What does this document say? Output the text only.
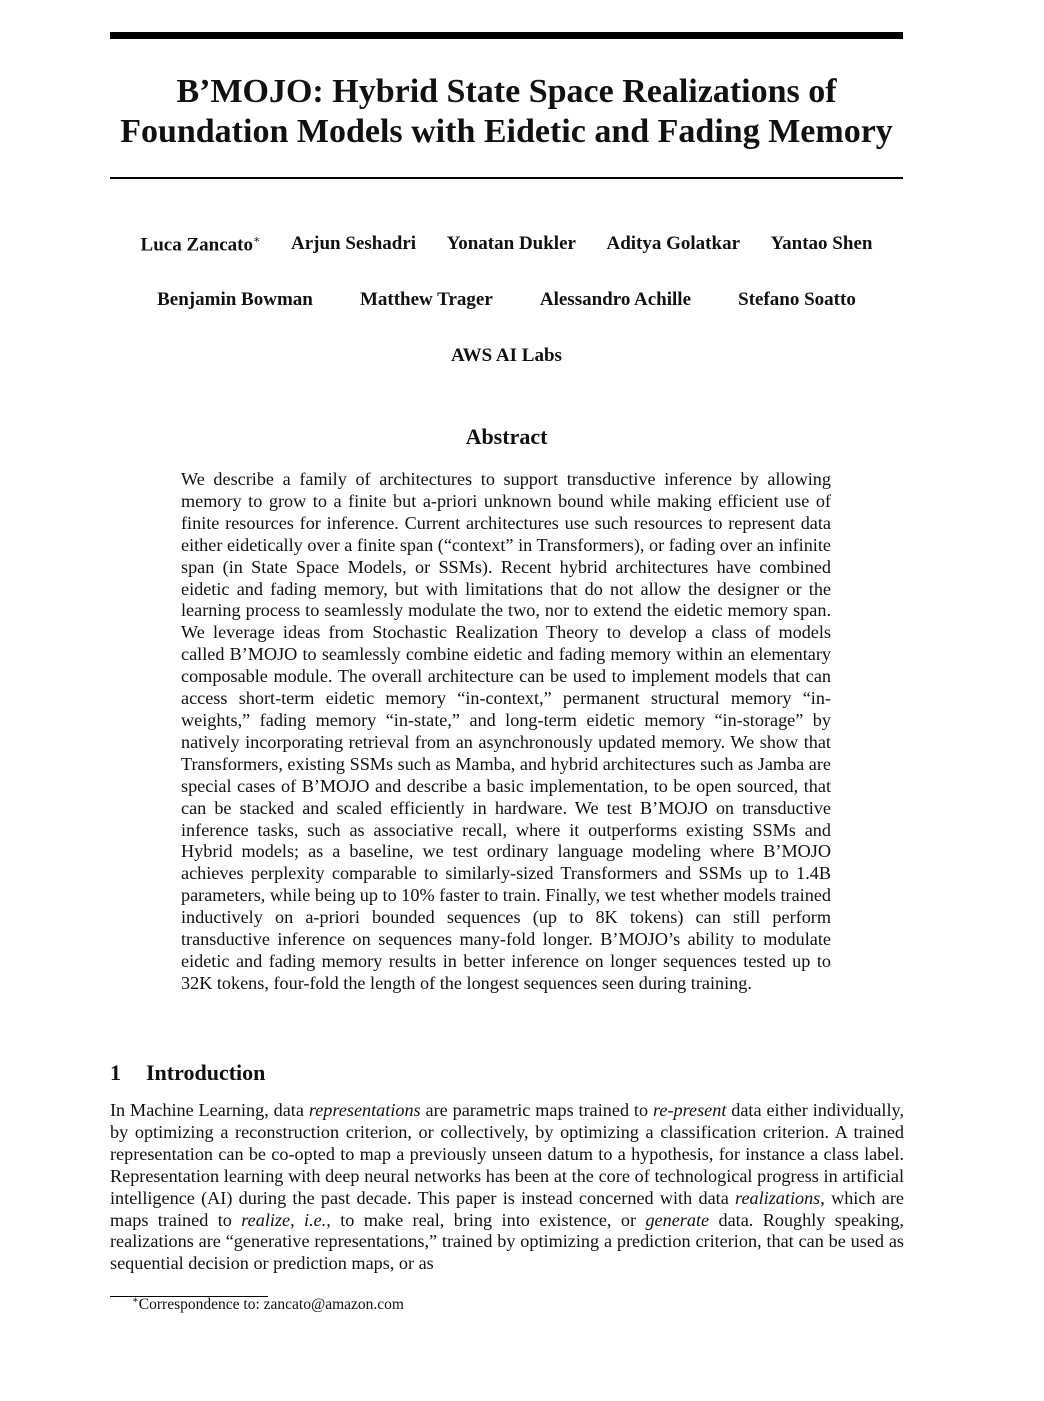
B’MOJO: Hybrid State Space Realizations of
Foundation Models with Eidetic and Fading Memory
Luca Zancato∗ Arjun Seshadri Yonatan Dukler Aditya Golatkar Yantao Shen
Benjamin Bowman Matthew Trager Alessandro Achille Stefano Soatto
AWS AI Labs
Abstract

We describe a family of architectures to support transductive inference by allowing memory to grow to a finite but a-priori unknown bound while making efficient use of finite resources for inference. Current architectures use such resources to represent data either eidetically over a finite span (“context” in Transformers), or fading over an infinite span (in State Space Models, or SSMs). Recent hybrid architectures have combined eidetic and fading memory, but with limitations that do not allow the designer or the learning process to seamlessly modulate the two, nor to extend the eidetic memory span. We leverage ideas from Stochastic Realization Theory to develop a class of models called B’MOJO to seamlessly combine eidetic and fading memory within an elementary composable module. The overall architecture can be used to implement models that can access short-term eidetic memory “in-context,” permanent structural memory “in-weights,” fading memory “in-state,” and long-term eidetic memory “in-storage” by natively incorporating retrieval from an asynchronously updated memory. We show that Transformers, existing SSMs such as Mamba, and hybrid architectures such as Jamba are special cases of B’MOJO and describe a basic implementation, to be open sourced, that can be stacked and scaled efficiently in hardware. We test B’MOJO on transductive inference tasks, such as associative recall, where it outperforms existing SSMs and Hybrid models; as a baseline, we test ordinary language modeling where B’MOJO achieves perplexity comparable to similarly-sized Transformers and SSMs up to 1.4B parameters, while being up to 10% faster to train. Finally, we test whether models trained inductively on a-priori bounded sequences (up to 8K tokens) can still perform transductive inference on sequences many-fold longer. B’MOJO’s ability to modulate eidetic and fading memory results in better inference on longer sequences tested up to 32K tokens, four-fold the length of the longest sequences seen during training.

1 Introduction

In Machine Learning, data representations are parametric maps trained to re-present data either individually, by optimizing a reconstruction criterion, or collectively, by optimizing a classification criterion. A trained representation can be co-opted to map a previously unseen datum to a hypothesis, for instance a class label. Representation learning with deep neural networks has been at the core of technological progress in artificial intelligence (AI) during the past decade. This paper is instead concerned with data realizations, which are maps trained to realize, i.e., to make real, bring into existence, or generate data. Roughly speaking, realizations are “generative representations,” trained by optimizing a prediction criterion, that can be used as sequential decision or prediction maps, or as

∗Correspondence to: zancato@amazon.com
